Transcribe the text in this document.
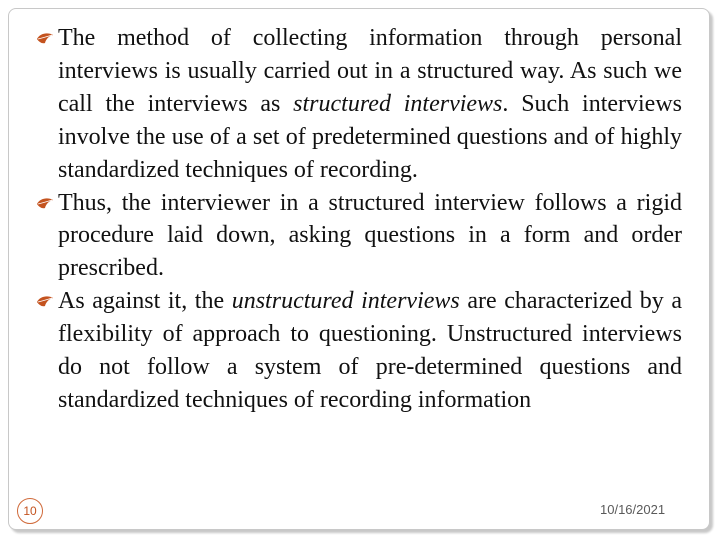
The method of collecting information through personal interviews is usually carried out in a structured way. As such we call the interviews as structured interviews. Such interviews involve the use of a set of predetermined questions and of highly standardized techniques of recording.

Thus, the interviewer in a structured interview follows a rigid procedure laid down, asking questions in a form and order prescribed.

As against it, the unstructured interviews are characterized by a flexibility of approach to questioning. Unstructured interviews do not follow a system of pre-determined questions and standardized techniques of recording information

10	10/16/2021
